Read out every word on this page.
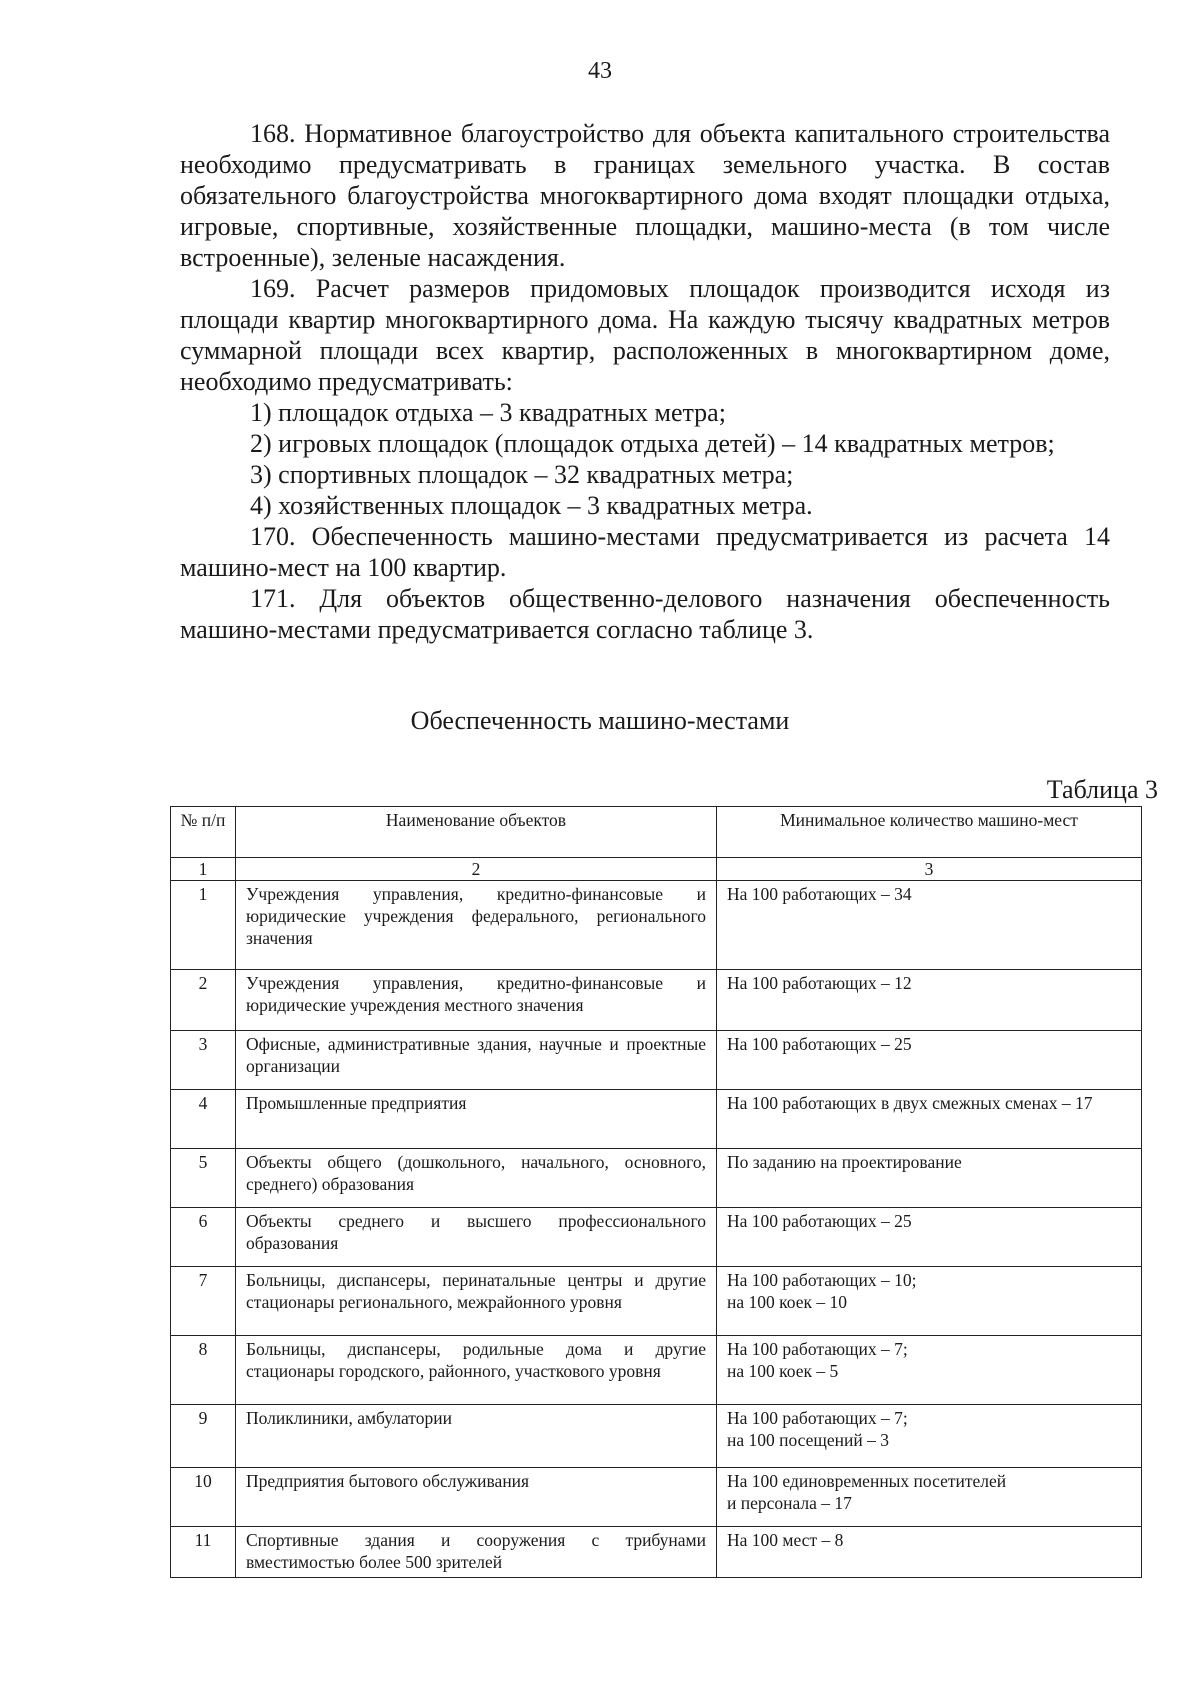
43

168. Нормативное благоустройство для объекта капитального строительства необходимо предусматривать в границах земельного участка. В состав обязательного благоустройства многоквартирного дома входят площадки отдыха, игровые, спортивные, хозяйственные площадки, машино-места (в том числе встроенные), зеленые насаждения.

169. Расчет размеров придомовых площадок производится исходя из площади квартир многоквартирного дома. На каждую тысячу квадратных метров суммарной площади всех квартир, расположенных в многоквартирном доме, необходимо предусматривать:

1) площадок отдыха – 3 квадратных метра;

2) игровых площадок (площадок отдыха детей) – 14 квадратных метров;

3) спортивных площадок – 32 квадратных метра;

4) хозяйственных площадок – 3 квадратных метра.

170. Обеспеченность машино-местами предусматривается из расчета 14 машино-мест на 100 квартир.

171. Для объектов общественно-делового назначения обеспеченность машино-местами предусматривается согласно таблице 3.

Обеспеченность машино-местами
Таблица 3
№ п/п	Наименование объектов	Минимальное количество машино-мест
1	2	3
1	Учреждения управления, кредитно-финансовые и юридические учреждения федерального, регионального значения	На 100 работающих – 34
2	Учреждения управления, кредитно-финансовые и юридические учреждения местного значения	На 100 работающих – 12
3	Офисные, административные здания, научные и проектные организации	На 100 работающих – 25
4	Промышленные предприятия	На 100 работающих в двух смежных сменах – 17
5	Объекты общего (дошкольного, начального, основного, среднего) образования	По заданию на проектирование
6	Объекты среднего и высшего профессионального образования	На 100 работающих – 25
7	Больницы, диспансеры, перинатальные центры и другие стационары регионального, межрайонного уровня	На 100 работающих – 10;
на 100 коек – 10

8	Больницы, диспансеры, родильные дома и другие стационары городского, районного, участкового уровня	На 100 работающих – 7;
на 100 коек – 5

9	Поликлиники, амбулатории	На 100 работающих – 7;
на 100 посещений – 3

10	Предприятия бытового обслуживания	На 100 единовременных посетителей
и персонала – 17

11	Спортивные здания и сооружения с трибунами вместимостью более 500 зрителей	На 100 мест – 8
